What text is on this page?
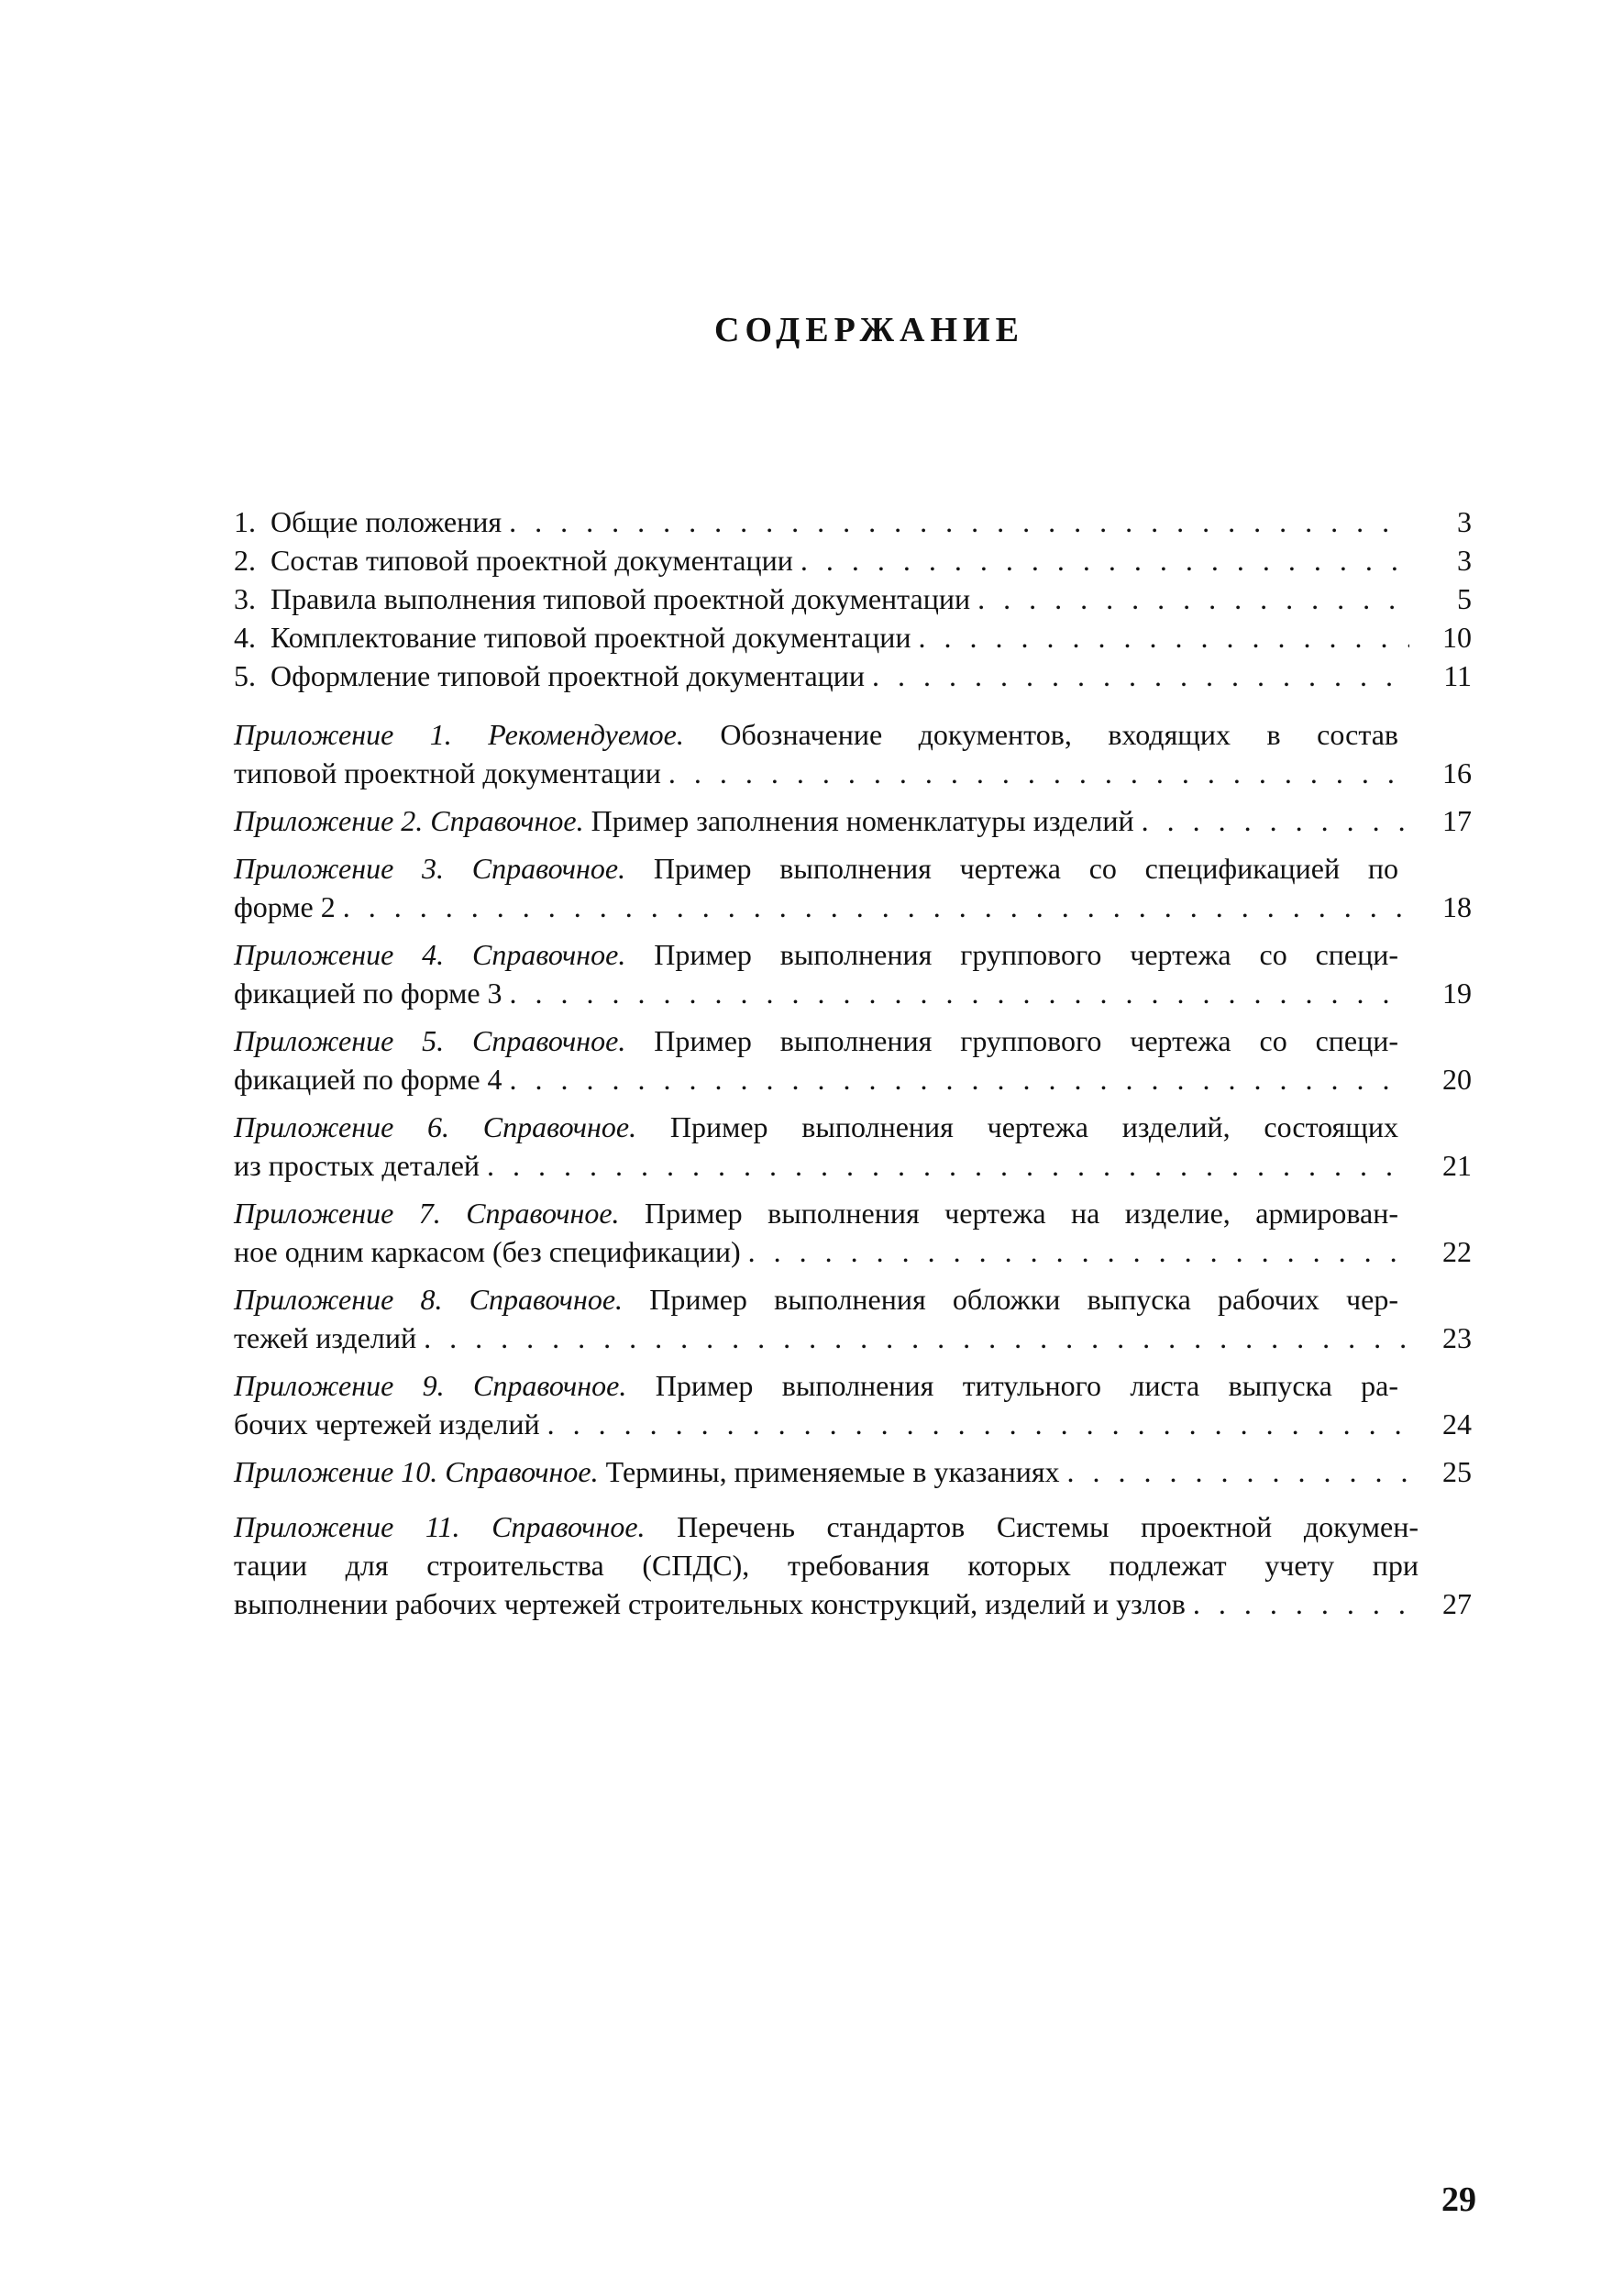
СОДЕРЖАНИЕ
1. Общие положения . . .	3
2. Состав типовой проектной документации . . .	3
3. Правила выполнения типовой проектной документации . . .	5
4. Комплектование типовой проектной документации . . .	10
5. Оформление типовой проектной документации . . .	11
Приложение 1. Рекомендуемое. Обозначение документов, входящих в состав
типовой проектной документации . . .	16
Приложение 2. Справочное. Пример заполнения номенклатуры изделий . . .	17
Приложение 3. Справочное. Пример выполнения чертежа со спецификацией по
форме 2 . . .	18
Приложение 4. Справочное. Пример выполнения группового чертежа со специ-
фикацией по форме 3 . . .	19
Приложение 5. Справочное. Пример выполнения группового чертежа со специ-
фикацией по форме 4 . . .	20
Приложение 6. Справочное. Пример выполнения чертежа изделий, состоящих
из простых деталей . . .	21
Приложение 7. Справочное. Пример выполнения чертежа на изделие, армирован-
ное одним каркасом (без спецификации) . . .	22
Приложение 8. Справочное. Пример выполнения обложки выпуска рабочих чер-
тежей изделий . . .	23
Приложение 9. Справочное. Пример выполнения титульного листа выпуска ра-
бочих чертежей изделий . . .	24
Приложение 10. Справочное. Термины, применяемые в указаниях . . .	25
Приложение 11. Справочное. Перечень стандартов Системы проектной докумен-
тации для строительства (СПДС), требования которых подлежат учету при
выполнении рабочих чертежей строительных конструкций, изделий и узлов . . .	27
29
